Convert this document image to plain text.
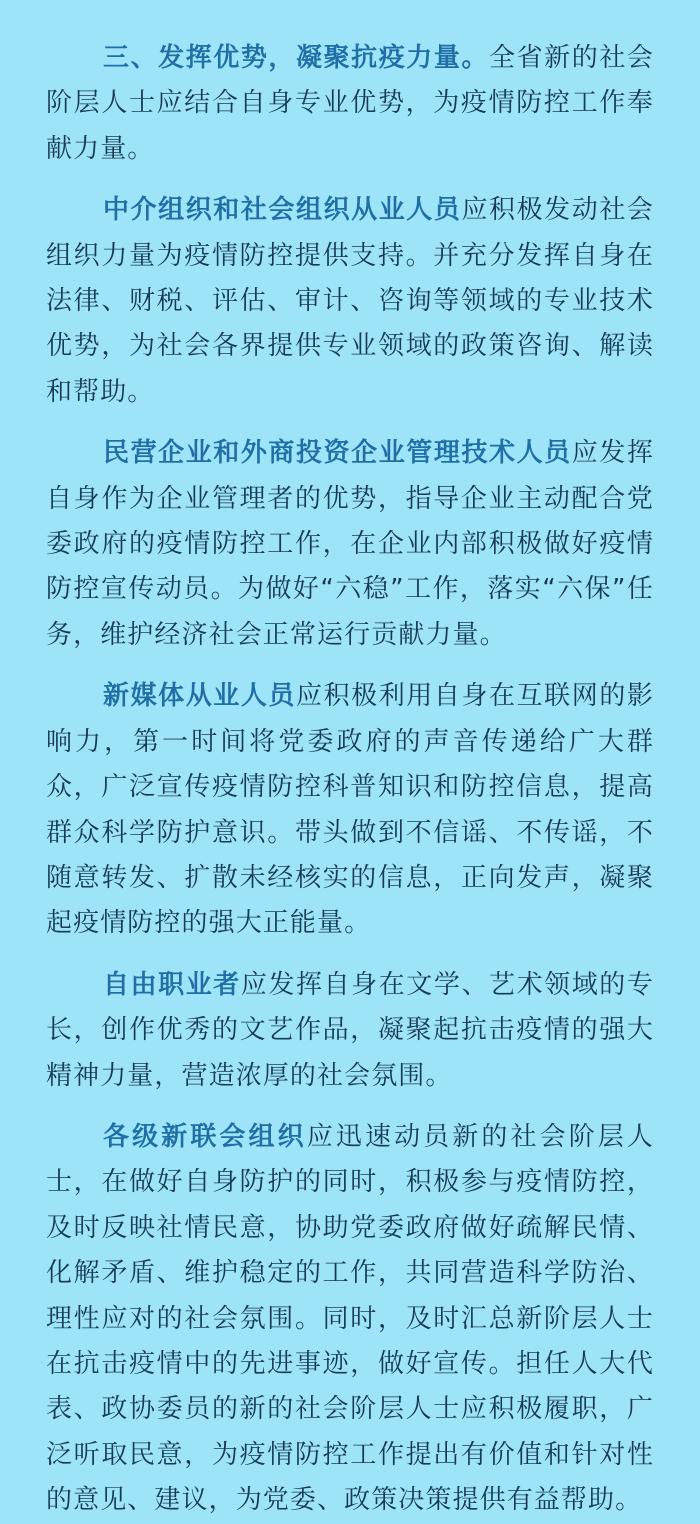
三、发挥优势，凝聚抗疫力量。全省新的社会阶层人士应结合自身专业优势，为疫情防控工作奉献力量。

中介组织和社会组织从业人员应积极发动社会组织力量为疫情防控提供支持。并充分发挥自身在法律、财税、评估、审计、咨询等领域的专业技术优势，为社会各界提供专业领域的政策咨询、解读和帮助。

民营企业和外商投资企业管理技术人员应发挥自身作为企业管理者的优势，指导企业主动配合党委政府的疫情防控工作，在企业内部积极做好疫情防控宣传动员。为做好“六稳”工作，落实“六保”任务，维护经济社会正常运行贡献力量。

新媒体从业人员应积极利用自身在互联网的影响力，第一时间将党委政府的声音传递给广大群众，广泛宣传疫情防控科普知识和防控信息，提高群众科学防护意识。带头做到不信谣、不传谣，不随意转发、扩散未经核实的信息，正向发声，凝聚起疫情防控的强大正能量。

自由职业者应发挥自身在文学、艺术领域的专长，创作优秀的文艺作品，凝聚起抗击疫情的强大精神力量，营造浓厚的社会氛围。

各级新联会组织应迅速动员新的社会阶层人士，在做好自身防护的同时，积极参与疫情防控，及时反映社情民意，协助党委政府做好疏解民情、化解矛盾、维护稳定的工作，共同营造科学防治、理性应对的社会氛围。同时，及时汇总新阶层人士在抗击疫情中的先进事迹，做好宣传。担任人大代表、政协委员的新的社会阶层人士应积极履职，广泛听取民意，为疫情防控工作提出有价值和针对性的意见、建议，为党委、政策决策提供有益帮助。
